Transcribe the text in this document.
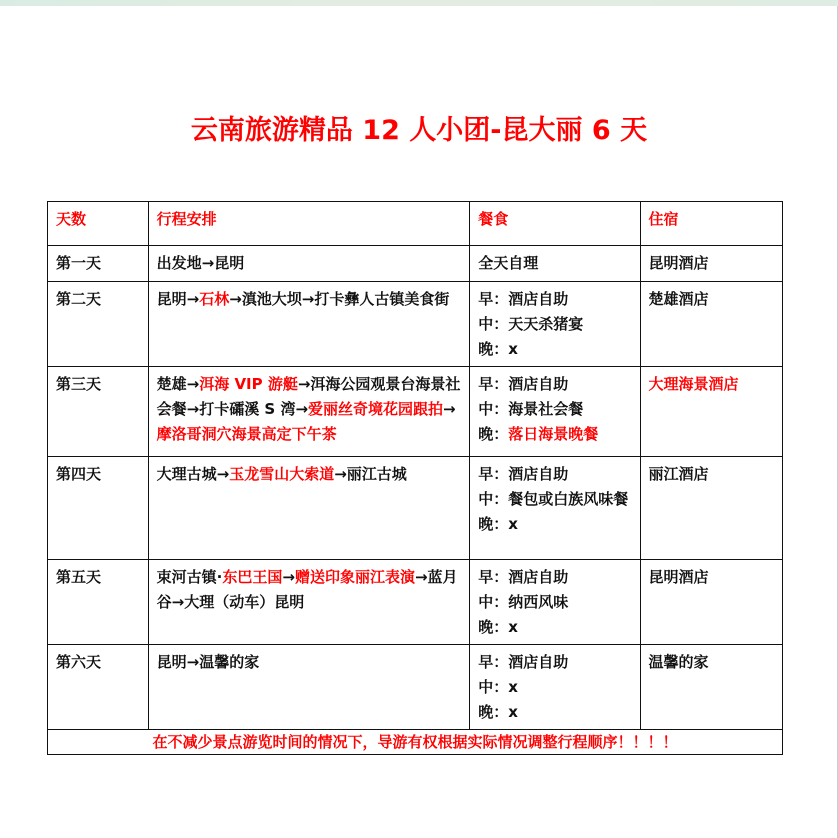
云南旅游精品 12 人小团-昆大丽 6 天
天数	行程安排	餐食	住宿
第一天	出发地→昆明	全天自理	昆明酒店
第二天	昆明→石林→滇池大坝→打卡彝人古镇美食街	早：酒店自助
中：天天杀猪宴
晚：x	楚雄酒店
第三天	楚雄→洱海 VIP 游艇→洱海公园观景台海景社会餐→打卡礵溪 S 湾→爱丽丝奇境花园跟拍→摩洛哥洞穴海景高定下午茶	早：酒店自助
中：海景社会餐
晚：落日海景晚餐	大理海景酒店
第四天	大理古城→玉龙雪山大索道→丽江古城	早：酒店自助
中：餐包或白族风味餐
晚：x	丽江酒店
第五天	束河古镇·东巴王国→赠送印象丽江表演→蓝月谷→大理（动车）昆明	早：酒店自助
中：纳西风味
晚：x	昆明酒店
第六天	昆明→温馨的家	早：酒店自助
中：x
晚：x	温馨的家
在不减少景点游览时间的情况下，导游有权根据实际情况调整行程顺序！！！！			
